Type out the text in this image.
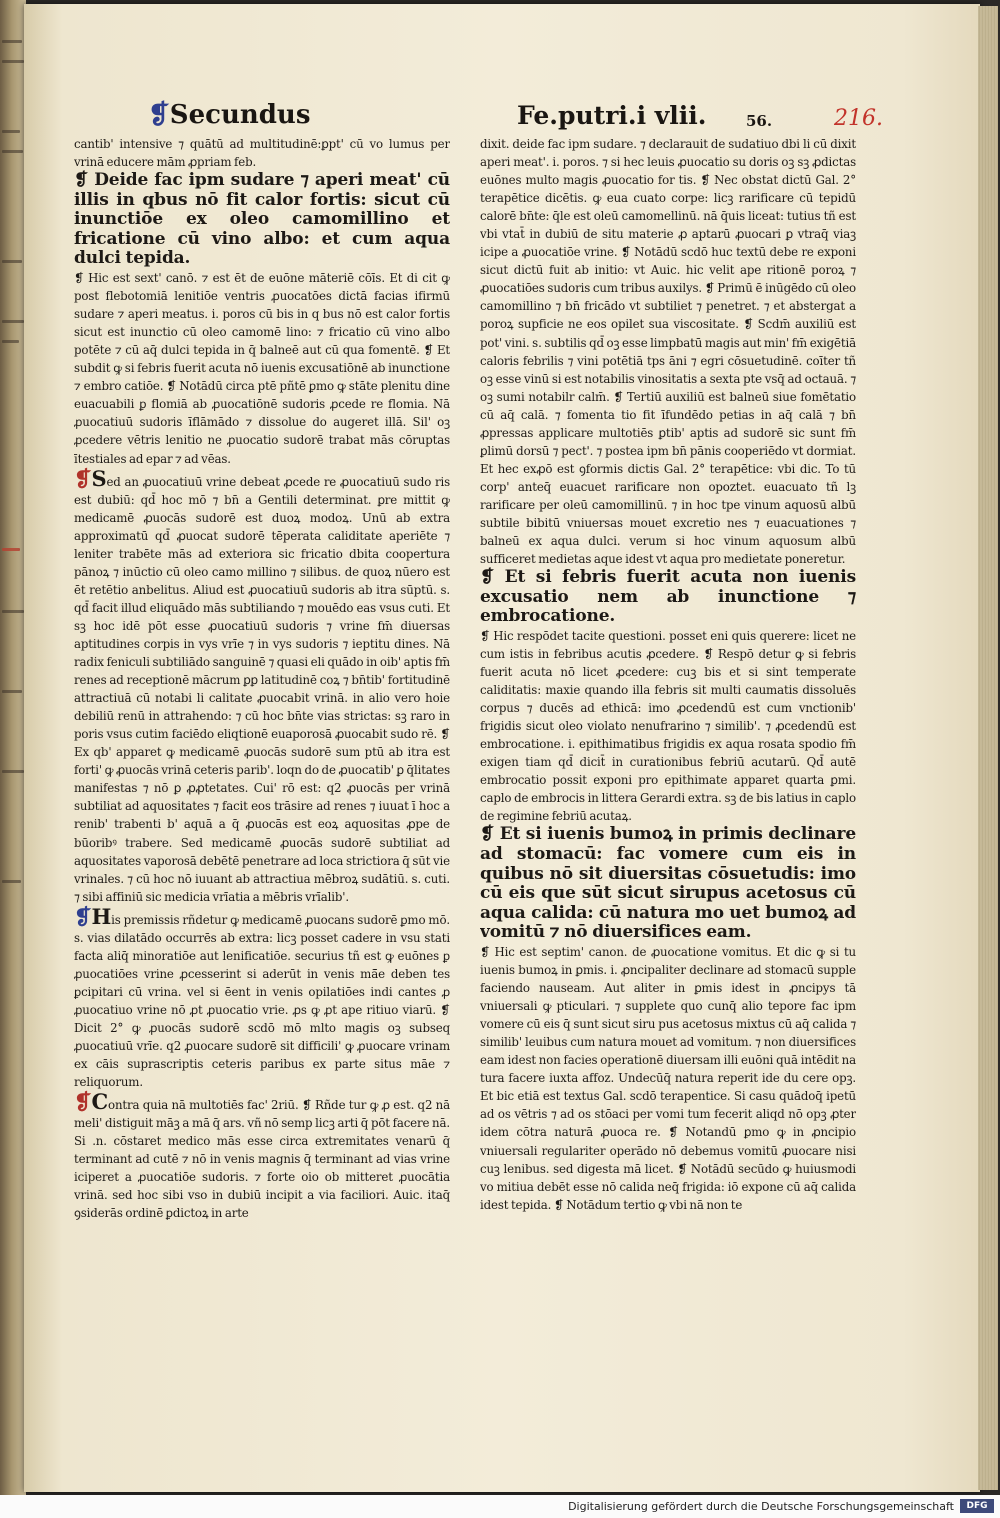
❡Secundus	Fe.putri.i vlii.	56.	216.

cantib' intensive ⁊ quātū ad multitudinē:ꝑpt' cū vo lumus per vrinā educere mām ꝓpriam feb.

❡ Deide fac ipm sudare ⁊ aperi meat' cū illis in qbus nō fit calor fortis: sicut cū inunctiōe ex oleo camomillino et fricatione cū vino albo: et cum aqua dulci tepida.

❡ Hic est sext' canō. ⁊ est ēt de euōne māteriē cōīs. Et di cit ꝙ post flebotomiā lenitiōe ventris ꝓuocatōes dictā facias ifirmū sudare ⁊ aperi meatus. i. poros cū bis in q bus nō est calor fortis sicut est inunctio cū oleo camomē lino: ⁊ fricatio cū vino albo potēte ⁊ cū aq̄ dulci tepida in q̄ balneē aut cū qua fomentē. ❡ Et subdit ꝙ si febris fuerit acuta nō iuenis excusatiōnē ab inunctione ⁊ embro catiōe. ❡ Notādū circa ptē pñtē ꝑmo ꝙ stāte plenitu dine euacuabili ꝑ flomiā ab ꝓuocatiōnē sudoris ꝓcede re flomia. Nā ꝓuocatiuū sudoris īflāmādo ⁊ dissolue do augeret illā. Sil' oꝫ ꝓcedere vētris lenitio ne ꝓuocatio sudorē trabat mās cōruptas ītestiales ad epar ⁊ ad vēas.

❡Sed an ꝓuocatiuū vrine debeat ꝓcede re ꝓuocatiuū sudo ris est dubiū: qd̄ hoc mō ⁊ bn̄ a Gentili determinat. ꝑre mittit ꝙ medicamē ꝓuocās sudorē est duoꝝ modoꝝ. Unū ab extra approximatū qd̄ ꝓuocat sudorē tēperata caliditate aperiēte ⁊ leniter trabēte mās ad exteriora sic fricatio dbita coopertura pānoꝝ ⁊ inūctio cū oleo camo millino ⁊ silibus. de quoꝝ nūero est ēt retētio anbelitus. Aliud est ꝓuocatiuū sudoris ab itra sūptū. s. qd̄ facit illud eliquādo mās subtiliando ⁊ mouēdo eas vsus cuti. Et sꝫ hoc idē pōt esse ꝓuocatiuū sudoris ⁊ vrine fm̄ diuersas aptitudines corpis in vys vrīe ⁊ in vys sudoris ⁊ ieptitu dines. Nā radix feniculi subtiliādo sanguinē ⁊ quasi eli quādo in oib' aptis fm̄ renes ad receptionē mācrum ꝑꝑ latitudinē coꝝ ⁊ bn̄tib' fortitudinē attractiuā cū notabi li calitate ꝓuocabit vrinā. in alio vero hoie debiliū renū in attrahendo: ⁊ cū hoc bn̄te vias strictas: sꝫ raro in poris vsus cutim faciēdo eliqtionē euaporosā ꝓuocabit sudo rē. ❡ Ex qb' apparet ꝙ medicamē ꝓuocās sudorē sum ptū ab itra est forti' ꝙ ꝓuocās vrinā ceteris parib'. loqn do de ꝓuocatib' ꝑ q̄litates manifestas ⁊ nō ꝑ ꝓꝓtetates. Cui' rō est: q2 ꝓuocās per vrinā subtiliat ad aquositates ⁊ facit eos trāsire ad renes ⁊ iuuat ī hoc a renib' trabenti b' aquā a q̄ ꝓuocās est eoꝝ aquositas ꝓpe de būoribꝰ trabere. Sed medicamē ꝓuocās sudorē subtiliat ad aquositates vaporosā debētē penetrare ad loca strictiora q̄ sūt vie vrinales. ⁊ cū hoc nō iuuant ab attractiua mēbroꝝ sudātiū. s. cuti. ⁊ sibi affiniū sic medicia vrīatia a mēbris vrīalib'.

❡His premissis rñdetur ꝙ medicamē ꝓuocans sudorē ꝑmo mō. s. vias dilatādo occurrēs ab extra: licꝫ posset cadere in vsu stati facta aliq̄ minoratiōe aut lenificatiōe. securius tñ est ꝙ euōnes ꝑ ꝓuocatiōes vrine ꝓcesserint si aderūt in venis mā̄e deben tes ꝑcipitari cū vrina. vel si ēent in venis opilatiōes indi cantes ꝓ ꝓuocatiuo vrine nō ꝓt ꝓuocatio vrie. ꝓs ꝙ ꝓt ape ritiuo viarū. ❡ Dicit 2° ꝙ ꝓuocās sudorē scdō mō mlto magis oꝫ subseq ꝓuocatiuū vrīe. q2 ꝓuocare sudorē sit difficili' ꝙ ꝓuocare vrinam ex cāis suprascriptis ceteris paribus ex parte situs māe ⁊ reliquorum.

❡Contra quia nā multotiēs fac' 2riū. ❡ Rñde tur ꝙ ꝓ est. q2 nā meli' distiguit māꝫ a mā q̄ ars. vñ nō semp licꝫ arti q̄ pōt facere nā. Si .n. cōstaret medico mās esse circa extremitates venarū q̄ terminant ad cutē ⁊ nō in venis magnis q̄ terminant ad vias vrine iciperet a ꝓuocatiōe sudoris. ⁊ forte oio ob mitteret ꝓuocātia vrinā. sed hoc sibi vso in dubiū incipit a via faciliori. Auic. itaq̄ ꝯsiderās ordinē ꝑdictoꝝ in arte

dixit. deide fac ipm sudare. ⁊ declarauit de sudatiuo dbi li cū dixit aperi meat'. i. poros. ⁊ si hec leuis ꝓuocatio su doris oꝫ sꝫ ꝓdictas euōnes multo magis ꝓuocatio for tis. ❡ Nec obstat dictū Gal. 2° terapētice dicētis. ꝙ eua cuato corpe: licꝫ rarificare cū tepidū calorē bn̄te: q̄le est oleū camomellinū. nā q̄uis liceat: tutius tñ est vbi vtat̄ in dubiū de situ materie ꝓ aptarū ꝓuocari ꝑ vtraq̄ viaꝫ icipe a ꝓuocatiōe vrine. ❡ Notādū scdō huc textū debe re exponi sicut dictū fuit ab initio: vt Auic. hic velit ape ritionē poroꝝ ⁊ ꝓuocatiōes sudoris cum tribus auxilys. ❡ Primū ē inūgēdo cū oleo camomillino ⁊ bn̄ fricādo vt subtiliet ⁊ penetret. ⁊ et abstergat a poroꝝ supficie ne eos opilet sua viscositate. ❡ Scdm̄ auxiliū est pot' vini. s. subtilis qd̄ oꝫ esse limpbatū magis aut min' fm̄ exigētiā caloris febrilis ⁊ vini potētiā tps āni ⁊ egri cōsuetudinē. coīter tñ oꝫ esse vinū si est notabilis vinositatis a sexta pte vsq̄ ad octauā. ⁊ oꝫ sumi notabilr calm̄. ❡ Tertiū auxiliū est balneū siue fomētatio cū aq̄ calā. ⁊ fomenta tio fit īfundēdo petias in aq̄ calā ⁊ bn̄ ꝓpressas applicare multotiēs ꝑtib' aptis ad sudorē sic sunt fm̄ ꝑlimū dorsū ⁊ pect'. ⁊ postea ipm bn̄ pānis cooperiēdo vt dormiat. Et hec exꝓō est ꝯformis dictis Gal. 2° terapētice: vbi dic. To tū corp' anteq̄ euacuet rarificare non opoztet. euacuato tñ lꝫ rarificare per oleū camomillinū. ⁊ in hoc tpe vinum aquosū albū subtile bibitū vniuersas mouet excretio nes ⁊ euacuationes ⁊ balneū ex aqua dulci. verum si hoc vinum aquosum albū sufficeret medietas aque idest vt aqua pro medietate poneretur.

❡ Et si febris fuerit acuta non iuenis excusatio nem ab inunctione ⁊ embrocatione.

❡ Hic respōdet tacite questioni. posset eni quis querere: licet ne cum istis in febribus acutis ꝓcedere. ❡ Respō detur ꝙ si febris fuerit acuta nō licet ꝓcedere: cuꝫ bis et si sint temperate caliditatis: maxie quando illa febris sit multi caumatis dissoluēs corpus ⁊ ducēs ad ethicā: imo ꝓcedendū est cum vnctionib' frigidis sicut oleo violato nenufrarino ⁊ similib'. ⁊ ꝓcedendū est embrocatione. i. epithimatibus frigidis ex aqua rosata spodio fm̄ exigen tiam qd̄ dicit̄ in curationibus febriū acutarū. Qd̄ autē embrocatio possit exponi pro epithimate apparet quarta ꝑmi. caplo de embrocis in littera Gerardi extra. sꝫ de bis latius in caplo de regimine febriū acutaꝝ.

❡ Et si iuenis bumoꝝ in primis declinare ad stomacū: fac vomere cum eis in quibus nō sit diuersitas cōsuetudis: imo cū eis que sūt sicut sirupus acetosus cū aqua calida: cū natura mo uet bumoꝝ ad vomitū ⁊ nō diuersifices eam.

❡ Hic est septim' canon. de ꝓuocatione vomitus. Et dic ꝙ si tu iuenis bumoꝝ in ꝑmis. i. ꝓncipaliter declinare ad stomacū supple faciendo nauseam. Aut aliter in ꝑmis idest in ꝓncipys tā vniuersali ꝙ pticulari. ⁊ supplete quo cunq̄ alio tepore fac ipm vomere cū eis q̄ sunt sicut siru pus acetosus mixtus cū aq̄ calida ⁊ similib' leuibus cum natura mouet ad vomitum. ⁊ non diuersifices eam idest non facies operationē diuersam illi euōni quā intēdit na tura facere iuxta affoz. Undecūq̄ natura reperit ide du cere opꝫ. Et bic etiā est textus Gal. scdō terapentice. Si casu quādoq̄ ipetū ad os vētris ⁊ ad os stōaci per vomi tum fecerit aliqd nō opꝫ ꝓter idem cōtra naturā ꝓuoca re. ❡ Notandū ꝑmo ꝙ in ꝓncipio vniuersali regulariter operādo nō debemus vomitū ꝓuocare nisi cuꝫ lenibus. sed digesta mā licet. ❡ Notādū secūdo ꝙ huiusmodi vo mitiua debēt esse nō calida neq̄ frigida: iō expone cū aq̄ calida idest tepida. ❡ Notādum tertio ꝙ vbi nā non te

Digitalisierung gefördert durch die Deutsche Forschungsgemeinschaft	DFG
